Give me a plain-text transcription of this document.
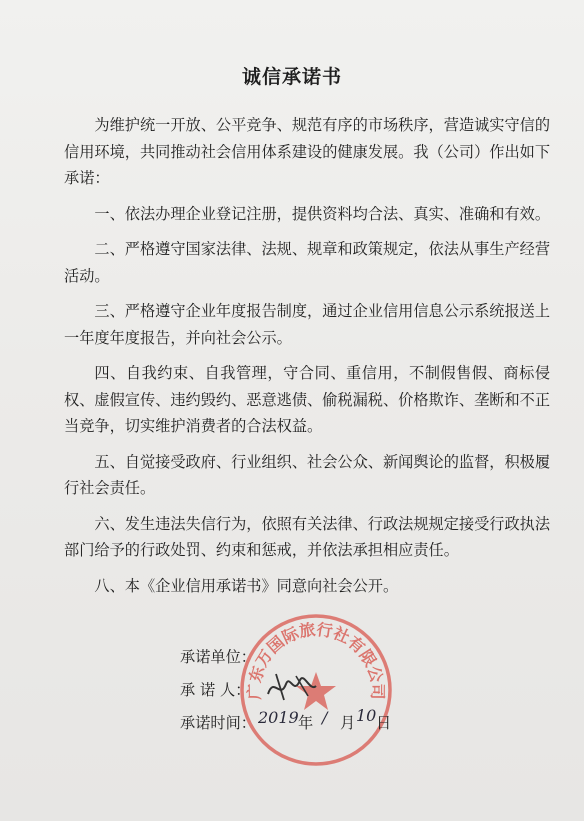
诚信承诺书

为维护统一开放、公平竞争、规范有序的市场秩序，营造诚实守信的信用环境，共同推动社会信用体系建设的健康发展。我（公司）作出如下承诺：

一、依法办理企业登记注册，提供资料均合法、真实、准确和有效。

二、严格遵守国家法律、法规、规章和政策规定，依法从事生产经营活动。

三、严格遵守企业年度报告制度，通过企业信用信息公示系统报送上一年度年度报告，并向社会公示。

四、自我约束、自我管理，守合同、重信用，不制假售假、商标侵权、虚假宣传、违约毁约、恶意逃债、偷税漏税、价格欺诈、垄断和不正当竞争，切实维护消费者的合法权益。

五、自觉接受政府、行业组织、社会公众、新闻舆论的监督，积极履行社会责任。

六、发生违法失信行为，依照有关法律、行政法规规定接受行政执法部门给予的行政处罚、约束和惩戒，并依法承担相应责任。

八、本《企业信用承诺书》同意向社会公开。

广东万国际旅行社有限公司
承诺单位：
承 诺 人：
承诺时间： 2019 年 / 月 10 日
